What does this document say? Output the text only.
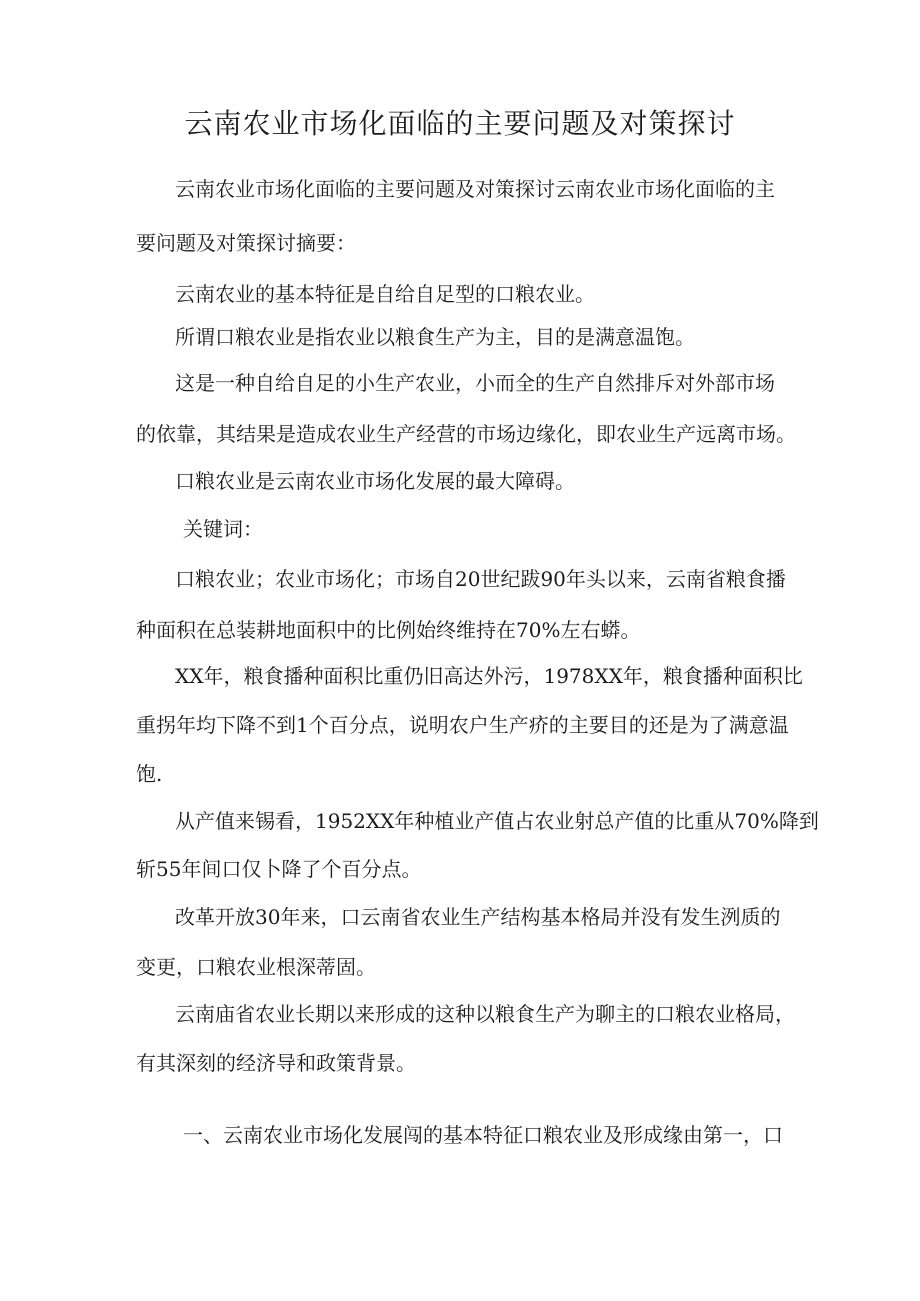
云南农业市场化面临的主要问题及对策探讨
云南农业市场化面临的主要问题及对策探讨云南农业市场化面临的主
要问题及对策探讨摘要：
云南农业的基本特征是自给自足型的口粮农业。
所谓口粮农业是指农业以粮食生产为主，目的是满意温饱。
这是一种自给自足的小生产农业，小而全的生产自然排斥对外部市场
的依靠，其结果是造成农业生产经营的市场边缘化，即农业生产远离市场。
口粮农业是云南农业市场化发展的最大障碍。
关键词：
口粮农业；农业市场化；市场自20世纪跋90年头以来，云南省粮食播
种面积在总装耕地面积中的比例始终维持在70%左右蟒。
XX年，粮食播种面积比重仍旧高达外污，1978XX年，粮食播种面积比
重拐年均下降不到1个百分点，说明农户生产疥的主要目的还是为了满意温
饱.
从产值来锡看，1952XX年种植业产值占农业射总产值的比重从70%降到
斩55年间口仅卜降了个百分点。
改革开放30年来，口云南省农业生产结构基本格局并没有发生洌质的
变更，口粮农业根深蒂固。
云南庙省农业长期以来形成的这种以粮食生产为聊主的口粮农业格局，
有其深刻的经济导和政策背景。
一、云南农业市场化发展闯的基本特征口粮农业及形成缘由第一，口
